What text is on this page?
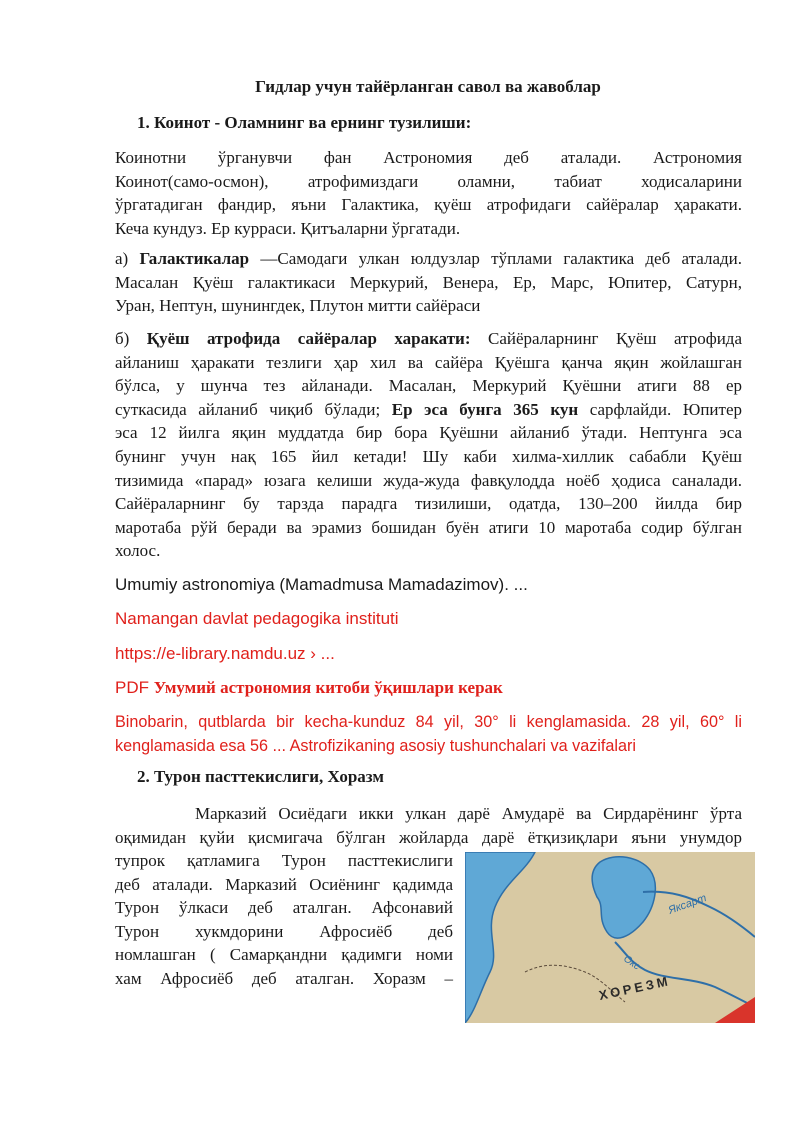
Гидлар учун тайёрланган савол ва жавоблар
1. Коинот - Оламнинг ва ернинг тузилиши:
Коинотни ўрганувчи фан Астрономия деб аталади. Астрономия
Коинот(само-осмон), атрофимиздаги оламни, табиат ходисаларини
ўргатадиган фандир, яъни Галактика, қуёш атрофидаги сайёралар ҳаракати.
Кеча кундуз. Ер курраси. Қитъаларни ўргатади.
а) Галактикалар —Самодаги улкан юлдузлар тўплами галактика деб аталади.
Масалан Қуёш галактикаси Меркурий, Венера, Ер, Марс, Юпитер, Сатурн,
Уран, Нептун, шунингдек, Плутон митти сайёраси
б) Қуёш атрофида сайёралар харакати: Сайёраларнинг Қуёш атрофида
айланиш ҳаракати тезлиги ҳар хил ва сайёра Қуёшга қанча яқин жойлашган
бўлса, у шунча тез айланади. Масалан, Меркурий Қуёшни атиги 88 ер
суткасида айланиб чиқиб бўлади; Ер эса бунга 365 кун сарфлайди. Юпитер
эса 12 йилга яқин муддатда бир бора Қуёшни айланиб ўтади. Нептунга эса
бунинг учун нақ 165 йил кетади! Шу каби хилма-хиллик сабабли Қуёш
тизимида «парад» юзага келиши жуда-жуда фавқулодда ноёб ҳодиса саналади.
Сайёраларнинг бу тарзда парадга тизилиши, одатда, 130–200 йилда бир
маротаба рўй беради ва эрамиз бошидан буён атиги 10 маротаба содир бўлган
холос.
Umumiy astronomiya (Mamadmusa Mamadazimov). ...
Namangan davlat pedagogika instituti
https://e-library.namdu.uz › ...
PDF Умумий астрономия китоби ўқишлари керак
Binobarin, qutblarda bir kecha-kunduz 84 yil, 30° li kenglamasida. 28 yil, 60° li
kenglamasida esa 56 ... Astrofizikaning asosiy tushunchalari va vazifalari
2. Турон пасттекислиги, Хоразм
Марказий Осиёдаги икки улкан дарё Амударё ва Сирдарёнинг ўрта
оқимидан қуйи қисмигача бўлган жойларда дарё ётқизиқлари яъни унумдор
тупрок қатламига Турон пасттекислиги
деб аталади. Марказий Осиёнинг қадимда
Турон ўлкаси деб аталган. Афсонавий
Турон хукмдорини Афросиёб деб
номлашган ( Самарқандни қадимги номи
хам Афросиёб деб аталган. Хоразм –
Яксарт
Окс
ХОРЕЗМ
